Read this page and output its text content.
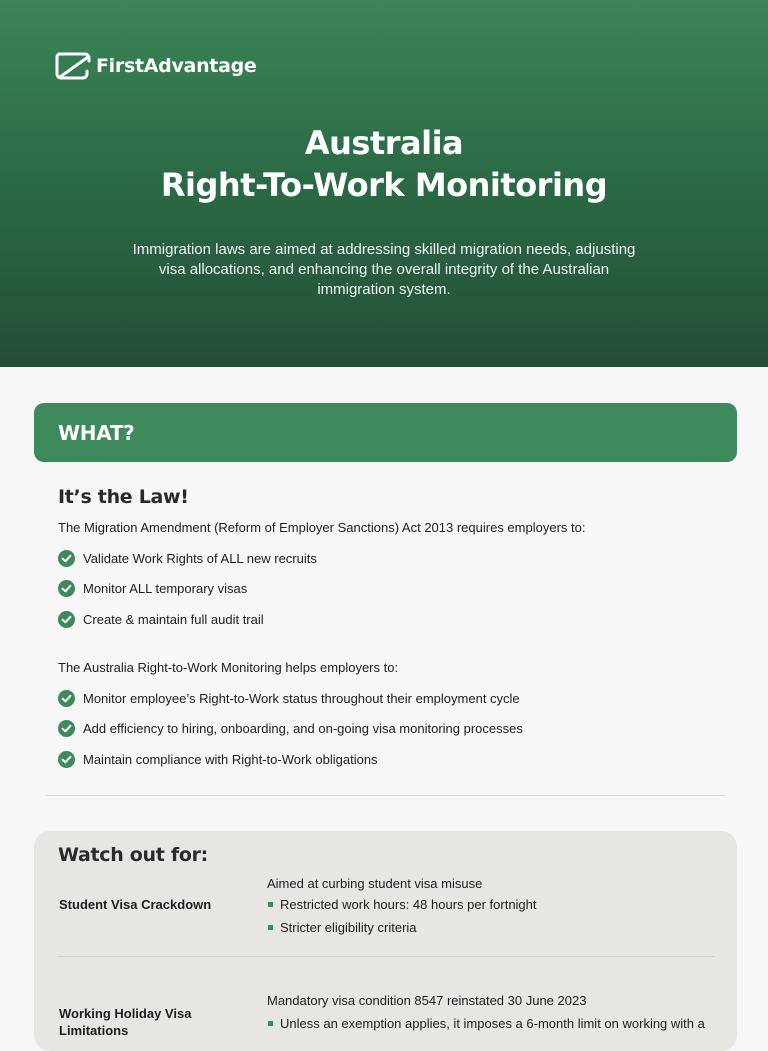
FirstAdvantage
Australia
Right-To-Work Monitoring

Immigration laws are aimed at addressing skilled migration needs, adjusting visa allocations, and enhancing the overall integrity of the Australian immigration system.

WHAT?
It’s the Law!

The Migration Amendment (Reform of Employer Sanctions) Act 2013 requires employers to:

Validate Work Rights of ALL new recruits
Monitor ALL temporary visas
Create & maintain full audit trail

The Australia Right-to-Work Monitoring helps employers to:

Monitor employee’s Right-to-Work status throughout their employment cycle
Add efficiency to hiring, onboarding, and on-going visa monitoring processes
Maintain compliance with Right-to-Work obligations
Watch out for:
Student Visa Crackdown
Aimed at curbing student visa misuse
Restricted work hours: 48 hours per fortnight
Stricter eligibility criteria
Working Holiday Visa Limitations
Mandatory visa condition 8547 reinstated 30 June 2023
Unless an exemption applies, it imposes a 6-month limit on working with a
